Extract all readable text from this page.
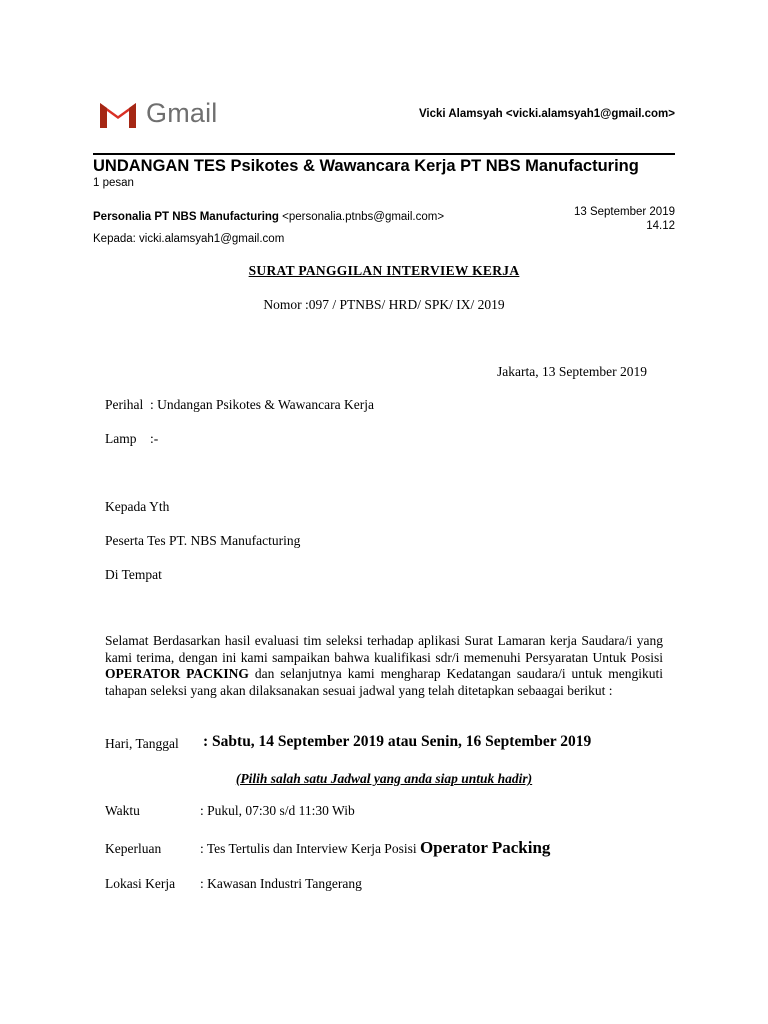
Gmail	Vicki Alamsyah <vicki.alamsyah1@gmail.com>
UNDANGAN TES Psikotes & Wawancara Kerja PT NBS Manufacturing
1 pesan
Personalia PT NBS Manufacturing <personalia.ptnbs@gmail.com>
Kepada: vicki.alamsyah1@gmail.com
13 September 2019
14.12
SURAT PANGGILAN INTERVIEW KERJA
Nomor :097 / PTNBS/ HRD/ SPK/ IX/ 2019
Jakarta, 13 September 2019
Perihal  : Undangan Psikotes & Wawancara Kerja
Lamp    :-
Kepada Yth
Peserta Tes PT. NBS Manufacturing
Di Tempat
Selamat Berdasarkan hasil evaluasi tim seleksi terhadap aplikasi Surat Lamaran kerja Saudara/i yang kami terima, dengan ini kami sampaikan bahwa kualifikasi sdr/i memenuhi Persyaratan Untuk Posisi OPERATOR PACKING dan selanjutnya kami mengharap Kedatangan saudara/i untuk mengikuti tahapan seleksi yang akan dilaksanakan sesuai jadwal yang telah ditetapkan sebaagai berikut :
Hari, Tanggal : Sabtu, 14 September 2019 atau Senin, 16 September 2019
(Pilih salah satu Jadwal yang anda siap untuk hadir)
Waktu	: Pukul, 07:30 s/d 11:30 Wib
Keperluan	: Tes Tertulis dan Interview Kerja Posisi Operator Packing
Lokasi Kerja : Kawasan Industri Tangerang
